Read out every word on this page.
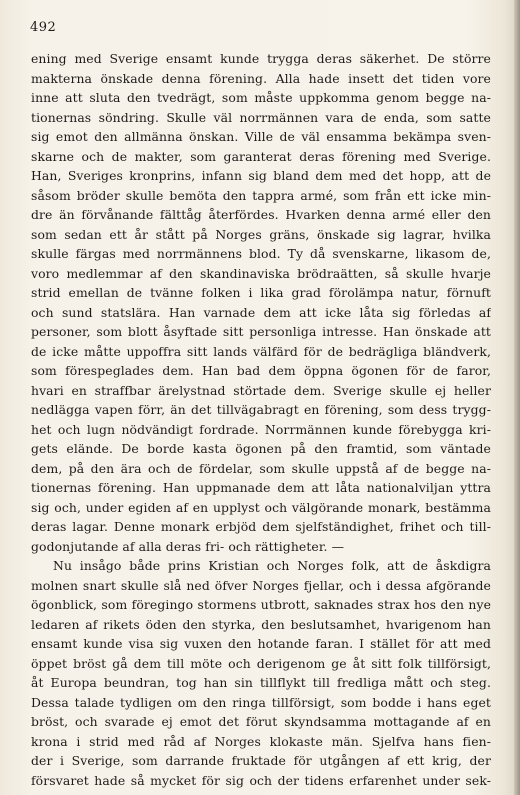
492
ening med Sverige ensamt kunde trygga deras säkerhet. De större
makterna önskade denna förening. Alla hade insett det tiden vore
inne att sluta den tvedrägt, som måste uppkomma genom begge na-
tionernas söndring. Skulle väl norrmännen vara de enda, som satte
sig emot den allmänna önskan. Ville de väl ensamma bekämpa sven-
skarne och de makter, som garanterat deras förening med Sverige.
Han, Sveriges kronprins, infann sig bland dem med det hopp, att de
såsom bröder skulle bemöta den tappra armé, som från ett icke min-
dre än förvånande fälttåg återfördes. Hvarken denna armé eller den
som sedan ett år stått på Norges gräns, önskade sig lagrar, hvilka
skulle färgas med norrmännens blod. Ty då svenskarne, likasom de,
voro medlemmar af den skandinaviska brödraätten, så skulle hvarje
strid emellan de tvänne folken i lika grad förolämpa natur, förnuft
och sund statslära. Han varnade dem att icke låta sig förledas af
personer, som blott åsyftade sitt personliga intresse. Han önskade att
de icke måtte uppoffra sitt lands välfärd för de bedrägliga bländverk,
som förespeglades dem. Han bad dem öppna ögonen för de faror,
hvari en straffbar ärelystnad störtade dem. Sverige skulle ej heller
nedlägga vapen förr, än det tillvägabragt en förening, som dess trygg-
het och lugn nödvändigt fordrade. Norrmännen kunde förebygga kri-
gets elände. De borde kasta ögonen på den framtid, som väntade
dem, på den ära och de fördelar, som skulle uppstå af de begge na-
tionernas förening. Han uppmanade dem att låta nationalviljan yttra
sig och, under egiden af en upplyst och välgörande monark, bestämma
deras lagar. Denne monark erbjöd dem sjelfständighet, frihet och till-
godonjutande af alla deras fri- och rättigheter. —
Nu insågo både prins Kristian och Norges folk, att de åskdigra
molnen snart skulle slå ned öfver Norges fjellar, och i dessa afgörande
ögonblick, som föregingo stormens utbrott, saknades strax hos den nye
ledaren af rikets öden den styrka, den beslutsamhet, hvarigenom han
ensamt kunde visa sig vuxen den hotande faran. I stället för att med
öppet bröst gå dem till möte och derigenom ge åt sitt folk tillförsigt,
åt Europa beundran, tog han sin tillflykt till fredliga mått och steg.
Dessa talade tydligen om den ringa tillförsigt, som bodde i hans eget
bröst, och svarade ej emot det förut skyndsamma mottagande af en
krona i strid med råd af Norges klokaste män. Sjelfva hans fien-
der i Sverige, som darrande fruktade för utgången af ett krig, der
försvaret hade så mycket för sig och der tidens erfarenhet under sek-
